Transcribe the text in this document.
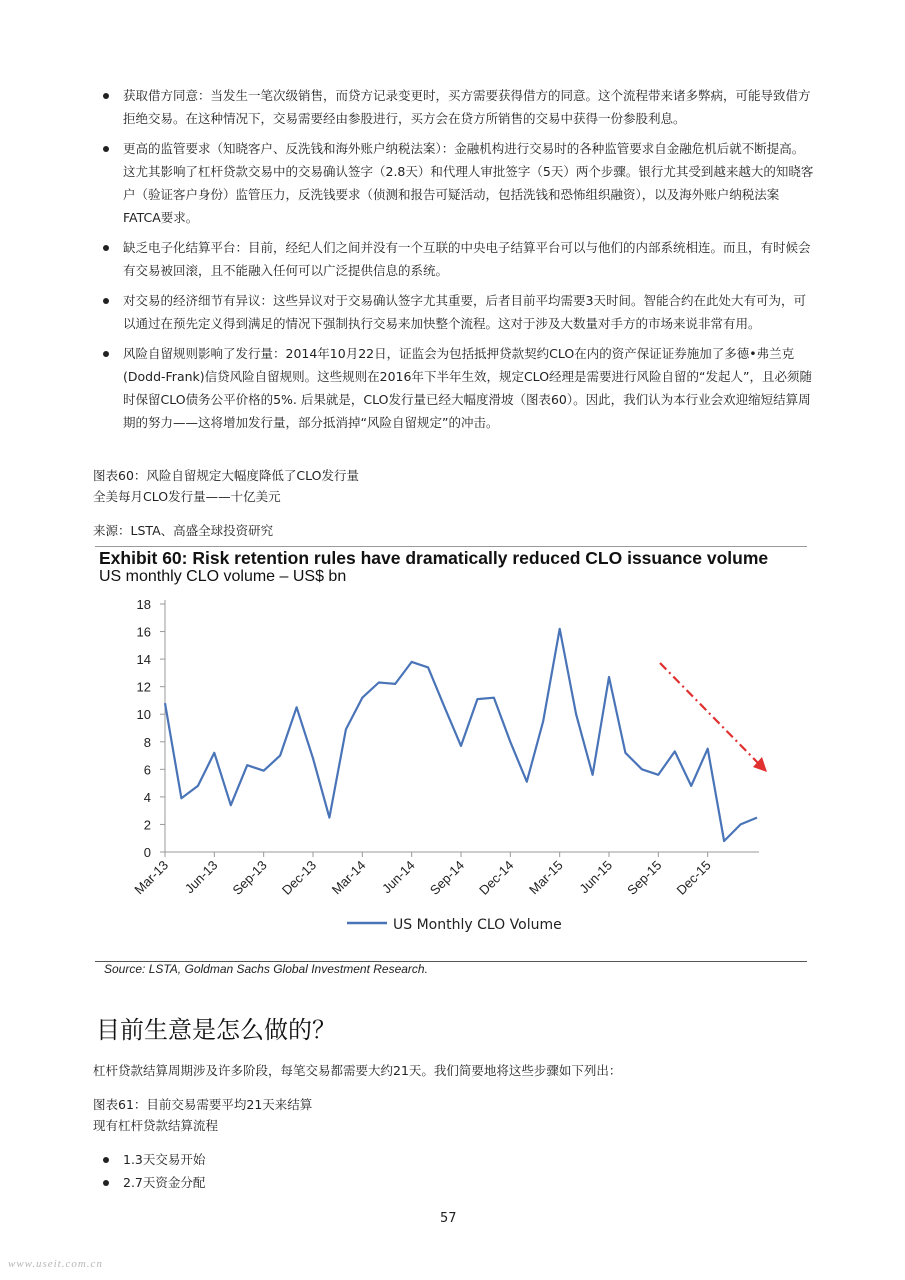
获取借方同意：当发生一笔次级销售，而贷方记录变更时，买方需要获得借方的同意。这个流程带来诸多弊病，可能导致借方拒绝交易。在这种情况下，交易需要经由参股进行，买方会在贷方所销售的交易中获得一份参股利息。
更高的监管要求（知晓客户、反洗钱和海外账户纳税法案）：金融机构进行交易时的各种监管要求自金融危机后就不断提高。这尤其影响了杠杆贷款交易中的交易确认签字（2.8天）和代理人审批签字（5天）两个步骤。银行尤其受到越来越大的知晓客户（验证客户身份）监管压力，反洗钱要求（侦测和报告可疑活动，包括洗钱和恐怖组织融资），以及海外账户纳税法案FATCA要求。
缺乏电子化结算平台：目前，经纪人们之间并没有一个互联的中央电子结算平台可以与他们的内部系统相连。而且，有时候会有交易被回滚，且不能融入任何可以广泛提供信息的系统。
对交易的经济细节有异议：这些异议对于交易确认签字尤其重要，后者目前平均需要3天时间。智能合约在此处大有可为，可以通过在预先定义得到满足的情况下强制执行交易来加快整个流程。这对于涉及大数量对手方的市场来说非常有用。
风险自留规则影响了发行量：2014年10月22日，证监会为包括抵押贷款契约CLO在内的资产保证证券施加了多德•弗兰克(Dodd-Frank)信贷风险自留规则。这些规则在2016年下半年生效，规定CLO经理是需要进行风险自留的“发起人”，且必须随时保留CLO债务公平价格的5%. 后果就是，CLO发行量已经大幅度滑坡（图表60）。因此，我们认为本行业会欢迎缩短结算周期的努力——这将增加发行量，部分抵消掉“风险自留规定”的冲击。
图表60：风险自留规定大幅度降低了CLO发行量
全美每月CLO发行量——十亿美元
来源：LSTA、高盛全球投资研究
Exhibit 60: Risk retention rules have dramatically reduced CLO issuance volume
US monthly CLO volume – US$ bn
0
2
4
6
8
10
12
14
16
18
Mar-13 Jun-13 Sep-13 Dec-13 Mar-14 Jun-14 Sep-14 Dec-14 Mar-15 Jun-15 Sep-15 Dec-15
US Monthly CLO Volume
Source: LSTA, Goldman Sachs Global Investment Research.
目前生意是怎么做的？
杠杆贷款结算周期涉及许多阶段，每笔交易都需要大约21天。我们简要地将这些步骤如下列出：
图表61：目前交易需要平均21天来结算
现有杠杆贷款结算流程
1.3天交易开始
2.7天资金分配
57
www.useit.com.cn
